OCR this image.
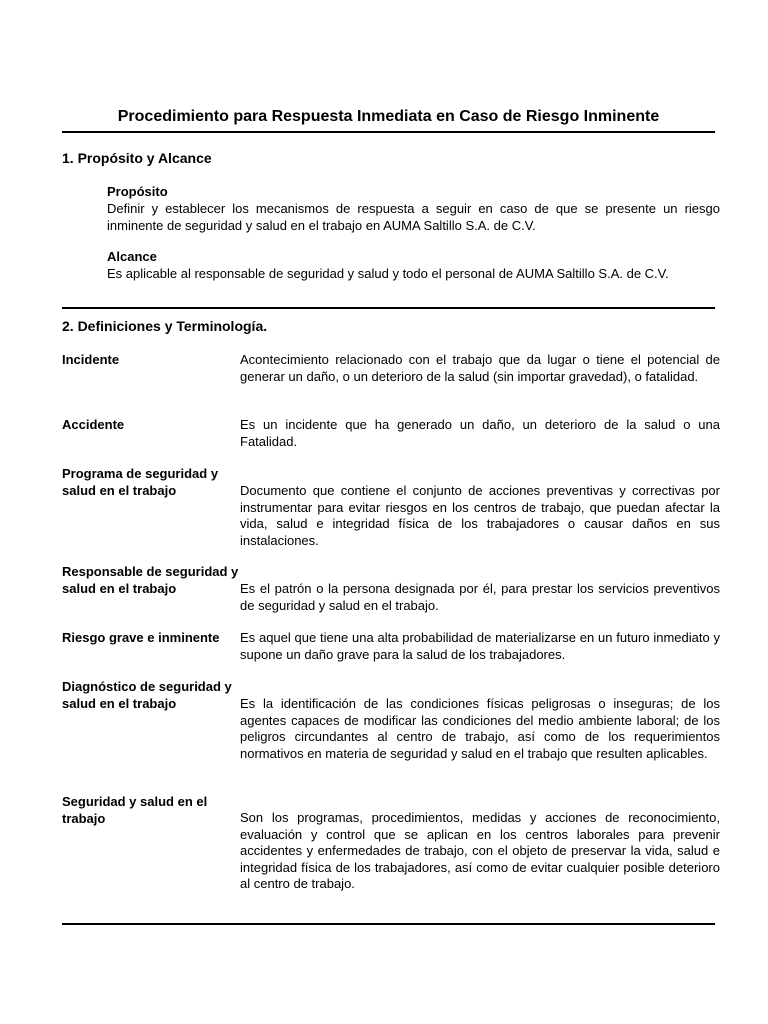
Procedimiento para Respuesta Inmediata en Caso de Riesgo Inminente
1. Propósito y Alcance
Propósito
Definir y establecer los mecanismos de respuesta a seguir en caso de que se presente un riesgo inminente de seguridad y salud en el trabajo en AUMA Saltillo S.A. de C.V.
Alcance
Es aplicable al responsable de seguridad y salud y todo el personal de AUMA Saltillo S.A. de C.V.
2. Definiciones y Terminología.
Incidente	Acontecimiento relacionado con el trabajo que da lugar o tiene el potencial de generar un daño, o un deterioro de la salud (sin importar gravedad), o fatalidad.
Accidente	Es un incidente que ha generado un daño, un deterioro de la salud o una Fatalidad.
Programa de seguridad y salud en el trabajo	Documento que contiene el conjunto de acciones preventivas y correctivas por instrumentar para evitar riesgos en los centros de trabajo, que puedan afectar la vida, salud e integridad física de los trabajadores o causar daños en sus instalaciones.
Responsable de seguridad y salud en el trabajo	Es el patrón o la persona designada por él, para prestar los servicios preventivos de seguridad y salud en el trabajo.
Riesgo grave e inminente	Es aquel que tiene una alta probabilidad de materializarse en un futuro inmediato y supone un daño grave para la salud de los trabajadores.
Diagnóstico de seguridad y salud en el trabajo	Es la identificación de las condiciones físicas peligrosas o inseguras; de los agentes capaces de modificar las condiciones del medio ambiente laboral; de los peligros circundantes al centro de trabajo, así como de los requerimientos normativos en materia de seguridad y salud en el trabajo que resulten aplicables.
Seguridad y salud en el trabajo	Son los programas, procedimientos, medidas y acciones de reconocimiento, evaluación y control que se aplican en los centros laborales para prevenir accidentes y enfermedades de trabajo, con el objeto de preservar la vida, salud e integridad física de los trabajadores, así como de evitar cualquier posible deterioro al centro de trabajo.
